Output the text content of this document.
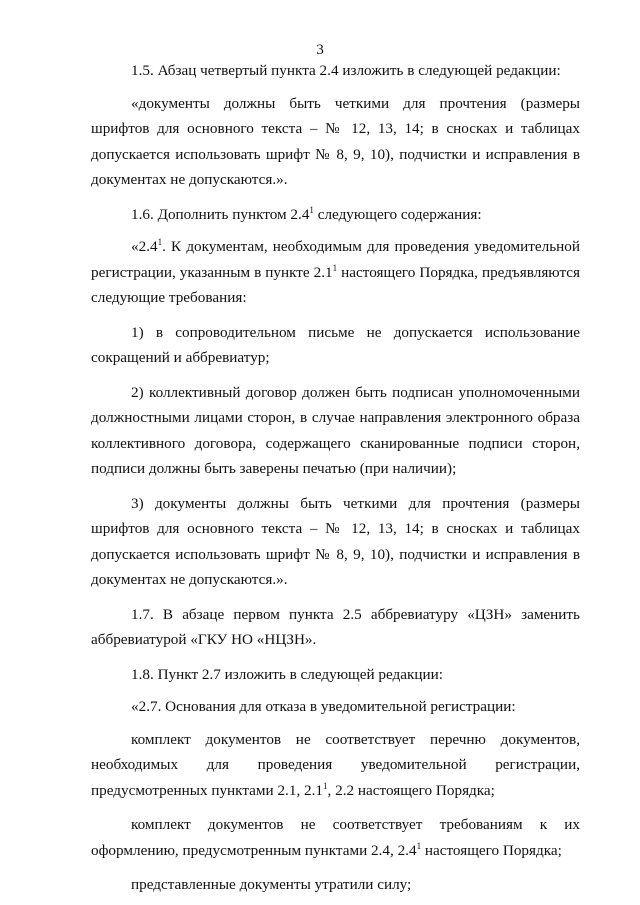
3

1.5. Абзац четвертый пункта 2.4 изложить в следующей редакции:

«документы должны быть четкими для прочтения (размеры шрифтов для основного текста – № 12, 13, 14; в сносках и таблицах допускается использовать шрифт № 8, 9, 10), подчистки и исправления в документах не допускаются.».

1.6. Дополнить пунктом $2.4^1$ следующего содержания:

«$2.4^1$. К документам, необходимым для проведения уведомительной регистрации, указанным в пункте $2.1^1$ настоящего Порядка, предъявляются следующие требования:

1) в сопроводительном письме не допускается использование сокращений и аббревиатур;

2) коллективный договор должен быть подписан уполномоченными должностными лицами сторон, в случае направления электронного образа коллективного договора, содержащего сканированные подписи сторон, подписи должны быть заверены печатью (при наличии);

3) документы должны быть четкими для прочтения (размеры шрифтов для основного текста – № 12, 13, 14; в сносках и таблицах допускается использовать шрифт № 8, 9, 10), подчистки и исправления в документах не допускаются.».

1.7. В абзаце первом пункта 2.5 аббревиатуру «ЦЗН» заменить аббревиатурой «ГКУ НО «НЦЗН».

1.8. Пункт 2.7 изложить в следующей редакции:

«2.7. Основания для отказа в уведомительной регистрации:

комплект документов не соответствует перечню документов, необходимых для проведения уведомительной регистрации, предусмотренных пунктами 2.1, $2.1^1$, 2.2 настоящего Порядка;

комплект документов не соответствует требованиям к их оформлению, предусмотренным пунктами 2.4, $2.4^1$ настоящего Порядка;

представленные документы утратили силу;
